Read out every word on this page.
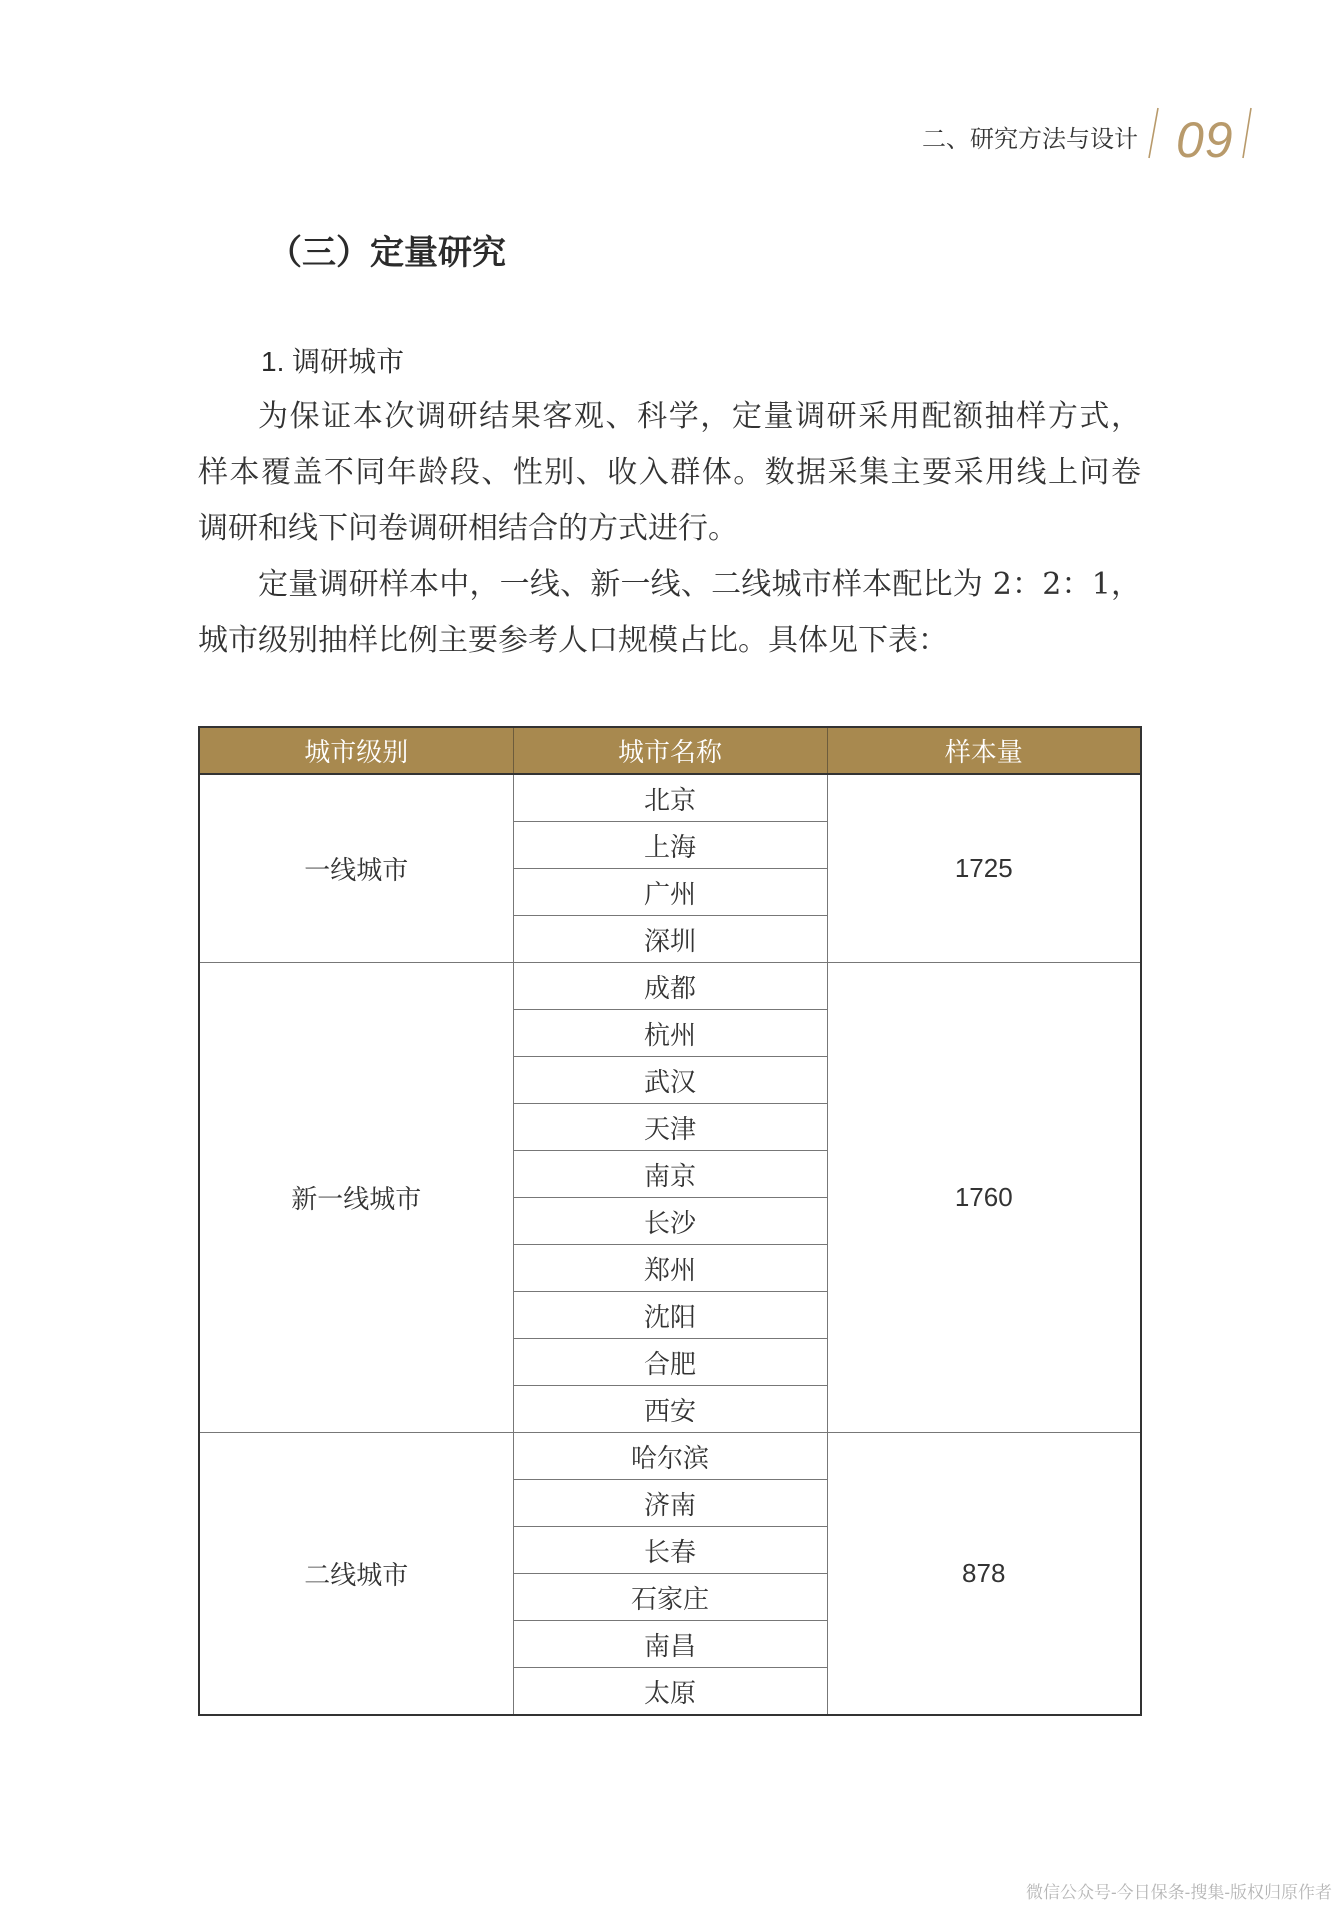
二、研究方法与设计 09
（三）定量研究
1. 调研城市
为保证本次调研结果客观、科学，定量调研采用配额抽样方式，
样本覆盖不同年龄段、性别、收入群体。数据采集主要采用线上问卷
调研和线下问卷调研相结合的方式进行。
定量调研样本中，一线、新一线、二线城市样本配比为 2：2：1，
城市级别抽样比例主要参考人口规模占比。具体见下表：
城市级别	城市名称	样本量
一线城市	北京	1725
	上海	
	广州	
	深圳	
新一线城市	成都	1760
	杭州	
	武汉	
	天津	
	南京	
	长沙	
	郑州	
	沈阳	
	合肥	
	西安	
二线城市	哈尔滨	878
	济南	
	长春	
	石家庄	
	南昌	
	太原	
微信公众号-今日保条-搜集-版权归原作者
